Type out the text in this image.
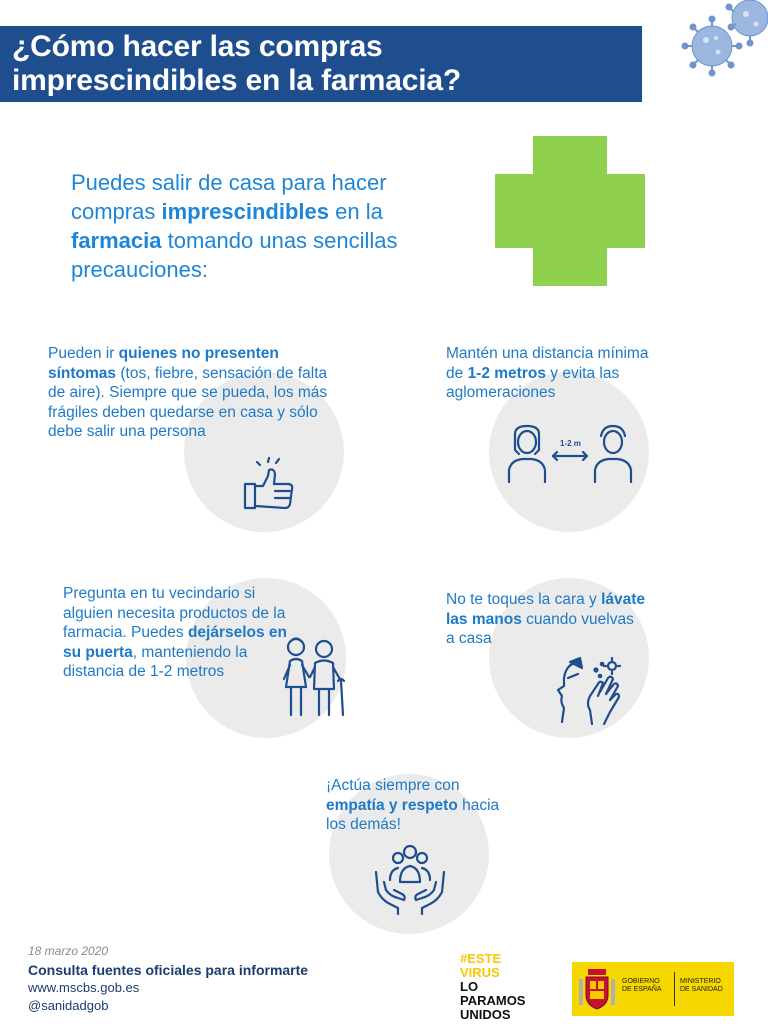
¿Cómo hacer las compras
imprescindibles en la farmacia?

Puedes salir de casa para hacer compras imprescindibles en la farmacia tomando unas sencillas precauciones:

Pueden ir quienes no presenten síntomas (tos, fiebre, sensación de falta de aire). Siempre que se pueda, los más frágiles deben quedarse en casa y sólo debe salir una persona

Mantén una distancia mínima de 1-2 metros y evita las aglomeraciones

1-2 m

Pregunta en tu vecindario si alguien necesita productos de la farmacia. Puedes dejárselos en su puerta, manteniendo la distancia de 1-2 metros

No te toques la cara y lávate las manos cuando vuelvas a casa

¡Actúa siempre con empatía y respeto hacia los demás!

18 marzo 2020
Consulta fuentes oficiales para informarte
www.mscbs.gob.es
@sanidadgob
#ESTE
VIRUS
LO
PARAMOS
UNIDOS
GOBIERNO
DE ESPAÑA
MINISTERIO
DE SANIDAD
